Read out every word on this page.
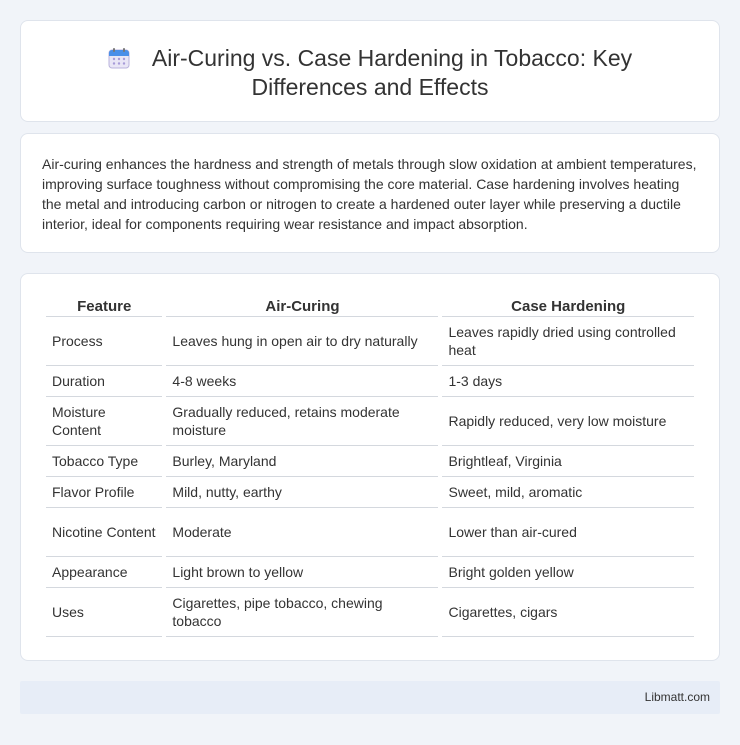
Air-Curing vs. Case Hardening in Tobacco: Key Differences and Effects

Air-curing enhances the hardness and strength of metals through slow oxidation at ambient temperatures, improving surface toughness without compromising the core material. Case hardening involves heating the metal and introducing carbon or nitrogen to create a hardened outer layer while preserving a ductile interior, ideal for components requiring wear resistance and impact absorption.

Feature	Air-Curing	Case Hardening
Process	Leaves hung in open air to dry naturally	Leaves rapidly dried using controlled heat
Duration	4-8 weeks	1-3 days
Moisture Content	Gradually reduced, retains moderate moisture	Rapidly reduced, very low moisture
Tobacco Type	Burley, Maryland	Brightleaf, Virginia
Flavor Profile	Mild, nutty, earthy	Sweet, mild, aromatic
Nicotine Content	Moderate	Lower than air-cured
Appearance	Light brown to yellow	Bright golden yellow
Uses	Cigarettes, pipe tobacco, chewing tobacco	Cigarettes, cigars
Libmatt.com
